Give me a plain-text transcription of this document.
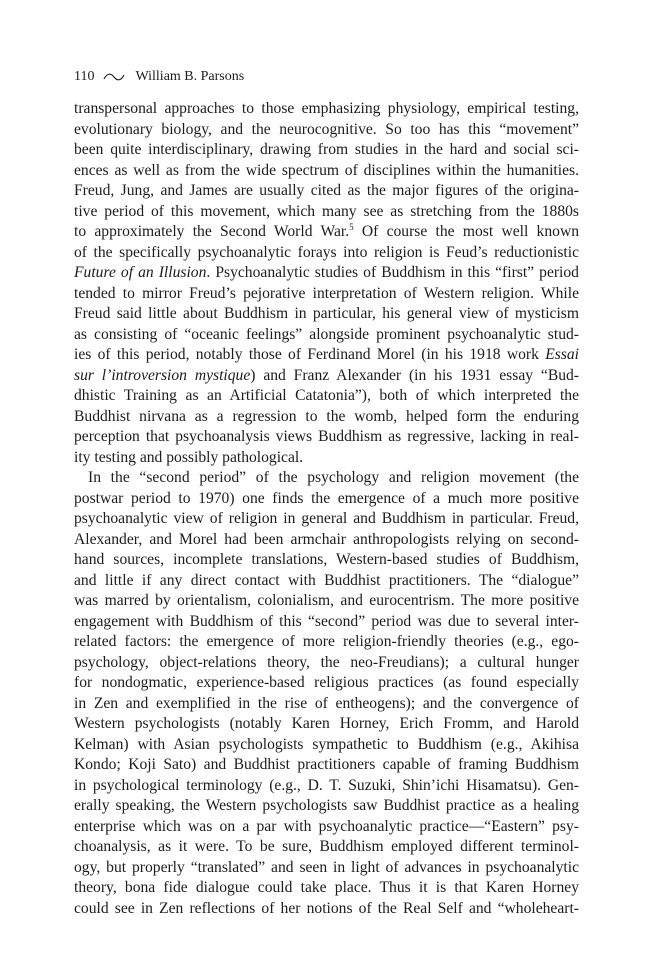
110	William B. Parsons
transpersonal approaches to those emphasizing physiology, empirical testing,
evolutionary biology, and the neurocognitive. So too has this “movement”
been quite interdisciplinary, drawing from studies in the hard and social sci-
ences as well as from the wide spectrum of disciplines within the humanities.
Freud, Jung, and James are usually cited as the major figures of the origina-
tive period of this movement, which many see as stretching from the 1880s
to approximately the Second World War.$^5$ Of course the most well known
of the specifically psychoanalytic forays into religion is Feud’s reductionistic
Future of an Illusion. Psychoanalytic studies of Buddhism in this “first” period
tended to mirror Freud’s pejorative interpretation of Western religion. While
Freud said little about Buddhism in particular, his general view of mysticism
as consisting of “oceanic feelings” alongside prominent psychoanalytic stud-
ies of this period, notably those of Ferdinand Morel (in his 1918 work Essai
sur l’introversion mystique) and Franz Alexander (in his 1931 essay “Bud-
dhistic Training as an Artificial Catatonia”), both of which interpreted the
Buddhist nirvana as a regression to the womb, helped form the enduring
perception that psychoanalysis views Buddhism as regressive, lacking in real-
ity testing and possibly pathological.
In the “second period” of the psychology and religion movement (the
postwar period to 1970) one finds the emergence of a much more positive
psychoanalytic view of religion in general and Buddhism in particular. Freud,
Alexander, and Morel had been armchair anthropologists relying on second-
hand sources, incomplete translations, Western-based studies of Buddhism,
and little if any direct contact with Buddhist practitioners. The “dialogue”
was marred by orientalism, colonialism, and eurocentrism. The more positive
engagement with Buddhism of this “second” period was due to several inter-
related factors: the emergence of more religion-friendly theories (e.g., ego-
psychology, object-relations theory, the neo-Freudians); a cultural hunger
for nondogmatic, experience-based religious practices (as found especially
in Zen and exemplified in the rise of entheogens); and the convergence of
Western psychologists (notably Karen Horney, Erich Fromm, and Harold
Kelman) with Asian psychologists sympathetic to Buddhism (e.g., Akihisa
Kondo; Koji Sato) and Buddhist practitioners capable of framing Buddhism
in psychological terminology (e.g., D. T. Suzuki, Shin’ichi Hisamatsu). Gen-
erally speaking, the Western psychologists saw Buddhist practice as a healing
enterprise which was on a par with psychoanalytic practice—“Eastern” psy-
choanalysis, as it were. To be sure, Buddhism employed different terminol-
ogy, but properly “translated” and seen in light of advances in psychoanalytic
theory, bona fide dialogue could take place. Thus it is that Karen Horney
could see in Zen reflections of her notions of the Real Self and “wholeheart-
